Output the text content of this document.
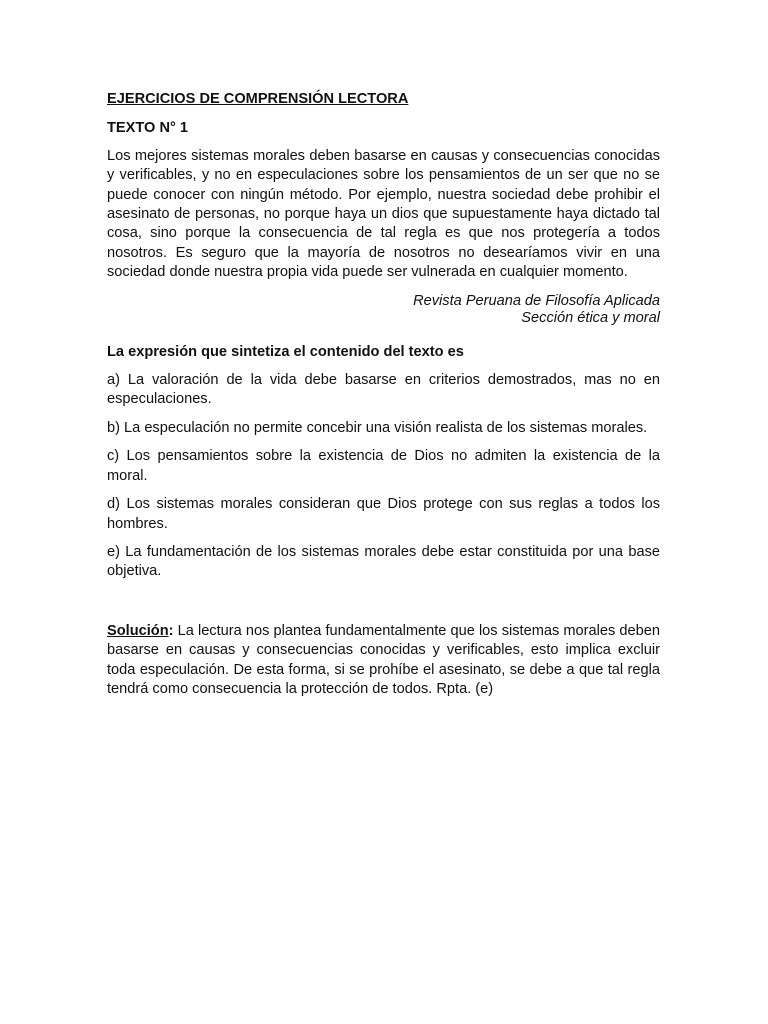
EJERCICIOS DE COMPRENSIÓN LECTORA
TEXTO N° 1

Los mejores sistemas morales deben basarse en causas y consecuencias conocidas y verificables, y no en especulaciones sobre los pensamientos de un ser que no se puede conocer con ningún método. Por ejemplo, nuestra sociedad debe prohibir el asesinato de personas, no porque haya un dios que supuestamente haya dictado tal cosa, sino porque la consecuencia de tal regla es que nos protegería a todos nosotros. Es seguro que la mayoría de nosotros no desearíamos vivir en una sociedad donde nuestra propia vida puede ser vulnerada en cualquier momento.

Revista Peruana de Filosofía Aplicada
Sección ética y moral
La expresión que sintetiza el contenido del texto es

a) La valoración de la vida debe basarse en criterios demostrados, mas no en especulaciones.

b) La especulación no permite concebir una visión realista de los sistemas morales.

c) Los pensamientos sobre la existencia de Dios no admiten la existencia de la moral.

d) Los sistemas morales consideran que Dios protege con sus reglas a todos los hombres.

e) La fundamentación de los sistemas morales debe estar constituida por una base objetiva.

Solución: La lectura nos plantea fundamentalmente que los sistemas morales deben basarse en causas y consecuencias conocidas y verificables, esto implica excluir toda especulación. De esta forma, si se prohíbe el asesinato, se debe a que tal regla tendrá como consecuencia la protección de todos. Rpta. (e)
